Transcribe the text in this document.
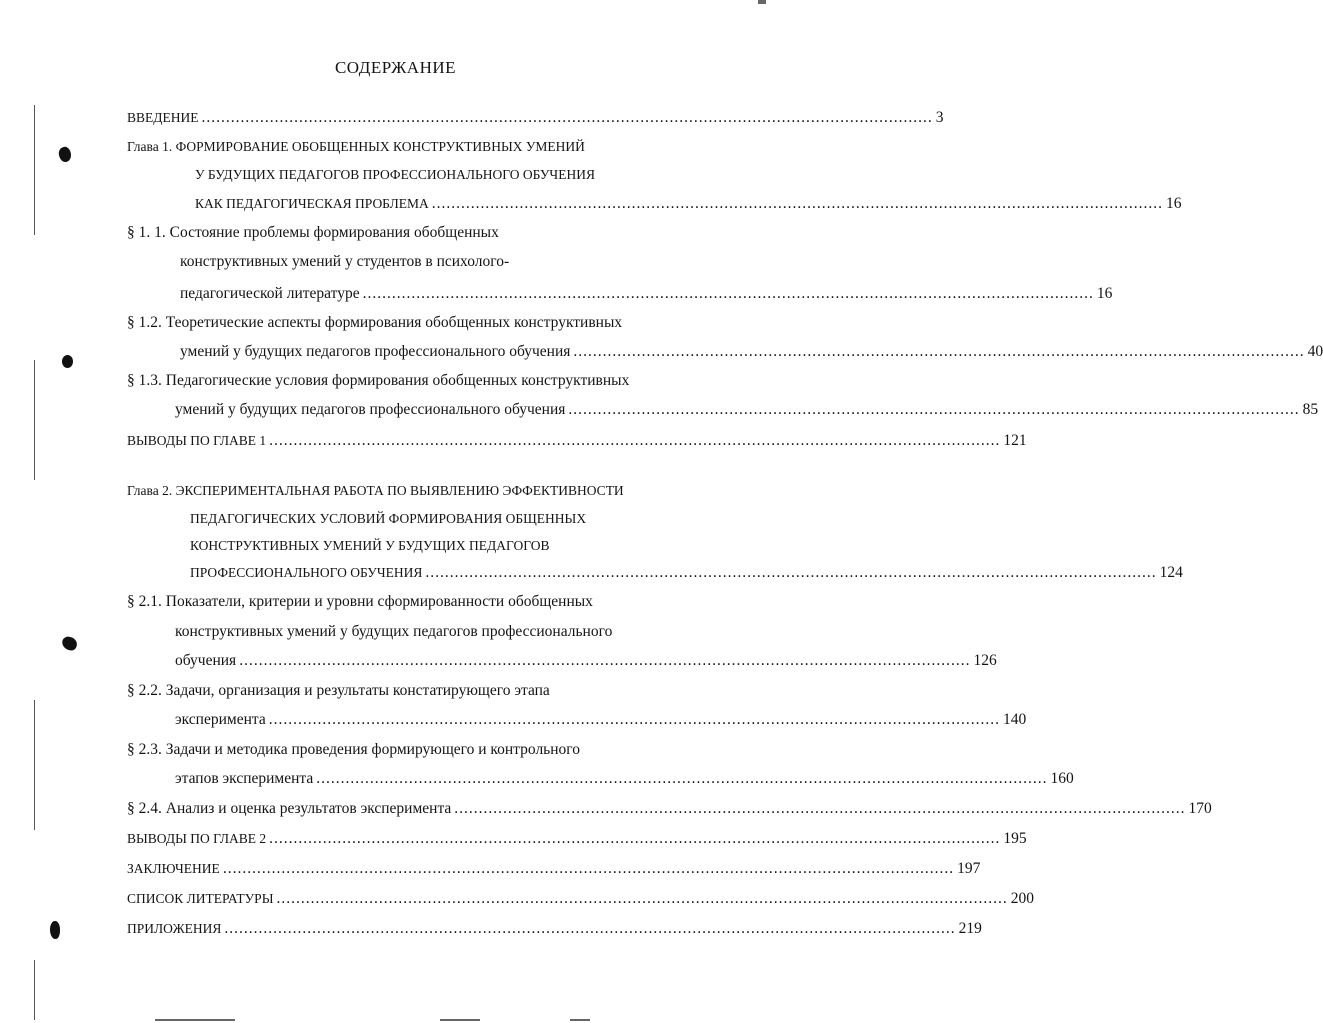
СОДЕРЖАНИЕ
ВВЕДЕНИЕ ...................................................................................................................................................... 3
Глава 1. ФОРМИРОВАНИЕ ОБОБЩЕННЫХ КОНСТРУКТИВНЫХ УМЕНИЙ
У БУДУЩИХ ПЕДАГОГОВ ПРОФЕССИОНАЛЬНОГО ОБУЧЕНИЯ
КАК ПЕДАГОГИЧЕСКАЯ ПРОБЛЕМА ...................................................................................................................................................... 16
§ 1. 1. Состояние проблемы формирования обобщенных
конструктивных умений у студентов в психолого-
педагогической литературе ...................................................................................................................................................... 16
§ 1.2. Теоретические аспекты формирования обобщенных конструктивных
умений у будущих педагогов профессионального обучения ...................................................................................................................................................... 40
§ 1.3. Педагогические условия формирования обобщенных конструктивных
умений у будущих педагогов профессионального обучения ...................................................................................................................................................... 85
ВЫВОДЫ ПО ГЛАВЕ 1 ...................................................................................................................................................... 121
Глава 2. ЭКСПЕРИМЕНТАЛЬНАЯ РАБОТА ПО ВЫЯВЛЕНИЮ ЭФФЕКТИВНОСТИ
ПЕДАГОГИЧЕСКИХ УСЛОВИЙ ФОРМИРОВАНИЯ ОБЩЕННЫХ
КОНСТРУКТИВНЫХ УМЕНИЙ У БУДУЩИХ ПЕДАГОГОВ
ПРОФЕССИОНАЛЬНОГО ОБУЧЕНИЯ ...................................................................................................................................................... 124
§ 2.1. Показатели, критерии и уровни сформированности обобщенных
конструктивных умений у будущих педагогов профессионального
обучения ...................................................................................................................................................... 126
§ 2.2. Задачи, организация и результаты констатирующего этапа
эксперимента ...................................................................................................................................................... 140
§ 2.3. Задачи и методика проведения формирующего и контрольного
этапов эксперимента ...................................................................................................................................................... 160
§ 2.4. Анализ и оценка результатов эксперимента ...................................................................................................................................................... 170
ВЫВОДЫ ПО ГЛАВЕ 2 ...................................................................................................................................................... 195
ЗАКЛЮЧЕНИЕ ...................................................................................................................................................... 197
СПИСОК ЛИТЕРАТУРЫ ...................................................................................................................................................... 200
ПРИЛОЖЕНИЯ ...................................................................................................................................................... 219
